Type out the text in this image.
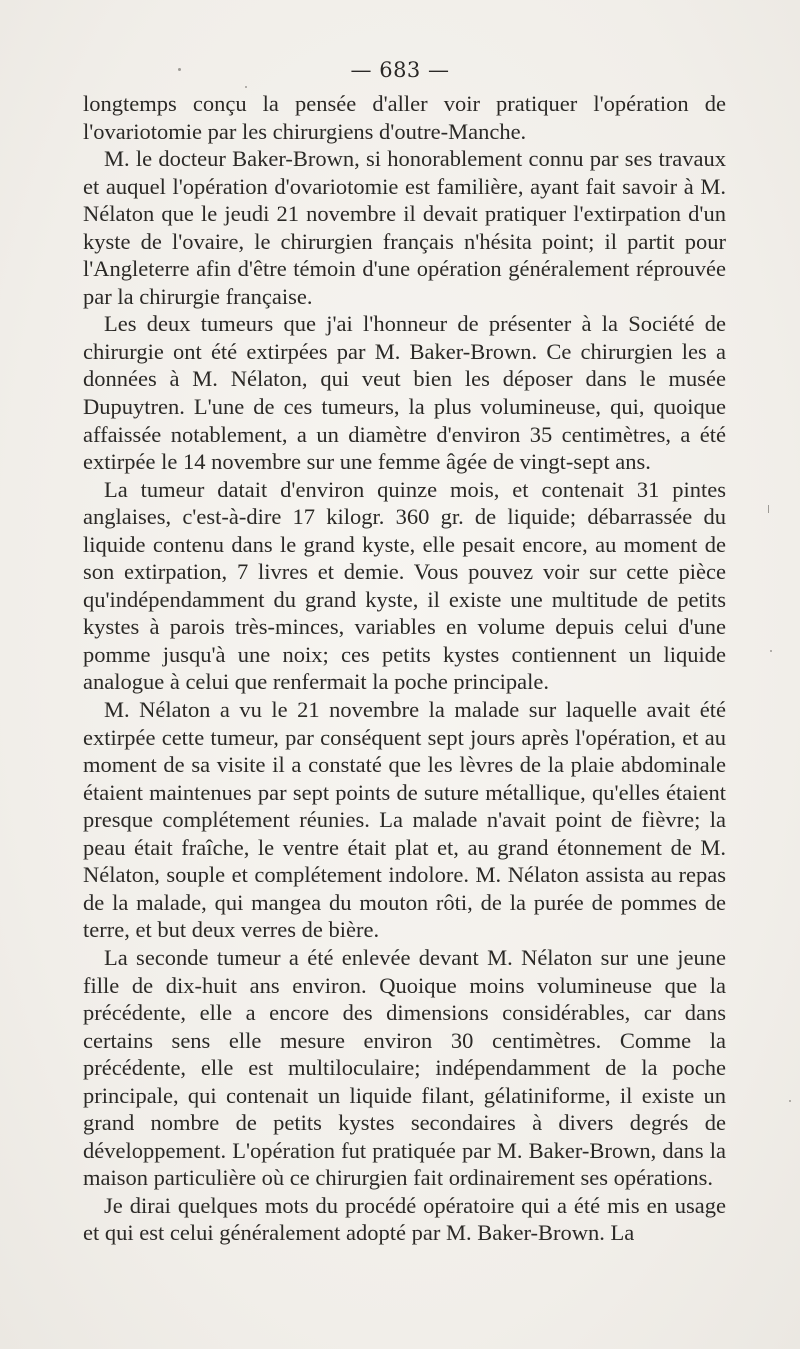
— 683 —

longtemps conçu la pensée d'aller voir pratiquer l'opération de l'ovariotomie par les chirurgiens d'outre-Manche.

M. le docteur Baker-Brown, si honorablement connu par ses travaux et auquel l'opération d'ovariotomie est familière, ayant fait savoir à M. Nélaton que le jeudi 21 novembre il devait pratiquer l'extirpation d'un kyste de l'ovaire, le chirurgien français n'hésita point; il partit pour l'Angleterre afin d'être témoin d'une opération généralement réprouvée par la chirurgie française.

Les deux tumeurs que j'ai l'honneur de présenter à la Société de chirurgie ont été extirpées par M. Baker-Brown. Ce chirurgien les a données à M. Nélaton, qui veut bien les déposer dans le musée Dupuytren. L'une de ces tumeurs, la plus volumineuse, qui, quoique affaissée notablement, a un diamètre d'environ 35 centimètres, a été extirpée le 14 novembre sur une femme âgée de vingt-sept ans.

La tumeur datait d'environ quinze mois, et contenait 31 pintes anglaises, c'est-à-dire 17 kilogr. 360 gr. de liquide; débarrassée du liquide contenu dans le grand kyste, elle pesait encore, au moment de son extirpation, 7 livres et demie. Vous pouvez voir sur cette pièce qu'indépendamment du grand kyste, il existe une multitude de petits kystes à parois très-minces, variables en volume depuis celui d'une pomme jusqu'à une noix; ces petits kystes contiennent un liquide analogue à celui que renfermait la poche principale.

M. Nélaton a vu le 21 novembre la malade sur laquelle avait été extirpée cette tumeur, par conséquent sept jours après l'opération, et au moment de sa visite il a constaté que les lèvres de la plaie abdominale étaient maintenues par sept points de suture métallique, qu'elles étaient presque complétement réunies. La malade n'avait point de fièvre; la peau était fraîche, le ventre était plat et, au grand étonnement de M. Nélaton, souple et complétement indolore. M. Nélaton assista au repas de la malade, qui mangea du mouton rôti, de la purée de pommes de terre, et but deux verres de bière.

La seconde tumeur a été enlevée devant M. Nélaton sur une jeune fille de dix-huit ans environ. Quoique moins volumineuse que la précédente, elle a encore des dimensions considérables, car dans certains sens elle mesure environ 30 centimètres. Comme la précédente, elle est multiloculaire; indépendamment de la poche principale, qui contenait un liquide filant, gélatiniforme, il existe un grand nombre de petits kystes secondaires à divers degrés de développement. L'opération fut pratiquée par M. Baker-Brown, dans la maison particulière où ce chirurgien fait ordinairement ses opérations.

Je dirai quelques mots du procédé opératoire qui a été mis en usage et qui est celui généralement adopté par M. Baker-Brown. La
